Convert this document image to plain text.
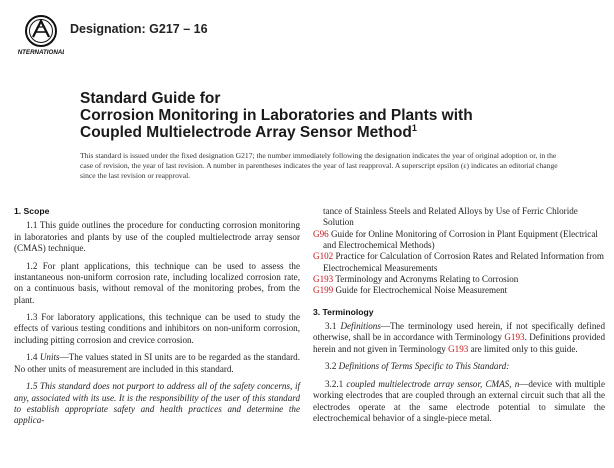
INTERNATIONAL
Designation: G217 – 16
Standard Guide for
Corrosion Monitoring in Laboratories and Plants with
Coupled Multielectrode Array Sensor Method$^1$
This standard is issued under the fixed designation G217; the number immediately following the designation indicates the year of original adoption or, in the case of revision, the year of last revision. A number in parentheses indicates the year of last reapproval. A superscript epsilon (ε) indicates an editorial change since the last revision or reapproval.
1. Scope

1.1 This guide outlines the procedure for conducting corrosion monitoring in laboratories and plants by use of the coupled multielectrode array sensor (CMAS) technique.

1.2 For plant applications, this technique can be used to assess the instantaneous non-uniform corrosion rate, including localized corrosion rate, on a continuous basis, without removal of the monitoring probes, from the plant.

1.3 For laboratory applications, this technique can be used to study the effects of various testing conditions and inhibitors on non-uniform corrosion, including pitting corrosion and crevice corrosion.

1.4 Units—The values stated in SI units are to be regarded as the standard. No other units of measurement are included in this standard.

1.5 This standard does not purport to address all of the safety concerns, if any, associated with its use. It is the responsibility of the user of this standard to establish appropriate safety and health practices and determine the applica-

tance of Stainless Steels and Related Alloys by Use of Ferric Chloride Solution

G96 Guide for Online Monitoring of Corrosion in Plant Equipment (Electrical and Electrochemical Methods)

G102 Practice for Calculation of Corrosion Rates and Related Information from Electrochemical Measurements

G193 Terminology and Acronyms Relating to Corrosion

G199 Guide for Electrochemical Noise Measurement

3. Terminology

3.1 Definitions—The terminology used herein, if not specifically defined otherwise, shall be in accordance with Terminology G193. Definitions provided herein and not given in Terminology G193 are limited only to this guide.

3.2 Definitions of Terms Specific to This Standard:

3.2.1 coupled multielectrode array sensor, CMAS, n—device with multiple working electrodes that are coupled through an external circuit such that all the electrodes operate at the same electrode potential to simulate the electrochemical behavior of a single-piece metal.
